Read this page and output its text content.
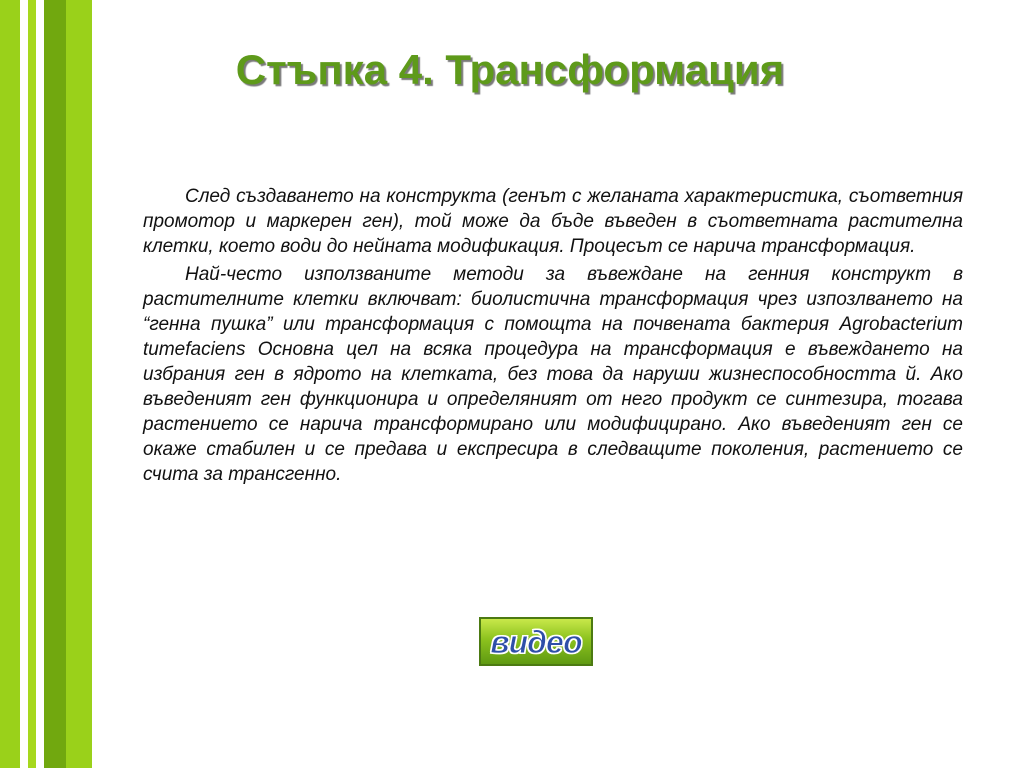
Стъпка 4. Трансформация

След създаването на конструкта (генът с желаната характеристика, съответния промотор и маркерен ген), той може да бъде въведен в съответната растителна клетки, което води до нейната модификация. Процесът се нарича трансформация.

Най-често използваните методи за въвеждане на генния конструкт в растителните клетки включват: биолистична трансформация чрез изпозлването на “генна пушка” или трансформация с помощта на почвената бактерия Agrobacterium tumefaciens Основна цел на всяка процедура на трансформация е въвеждането на избрания ген в ядрото на клетката, без това да наруши жизнеспособността й. Ако въведеният ген функционира и определяният от него продукт се синтезира, тогава растението се нарича трансформирано или модифицирано. Ако въведеният ген се окаже стабилен и се предава и експресира в следващите поколения, растението се счита за трансгенно.

видео
